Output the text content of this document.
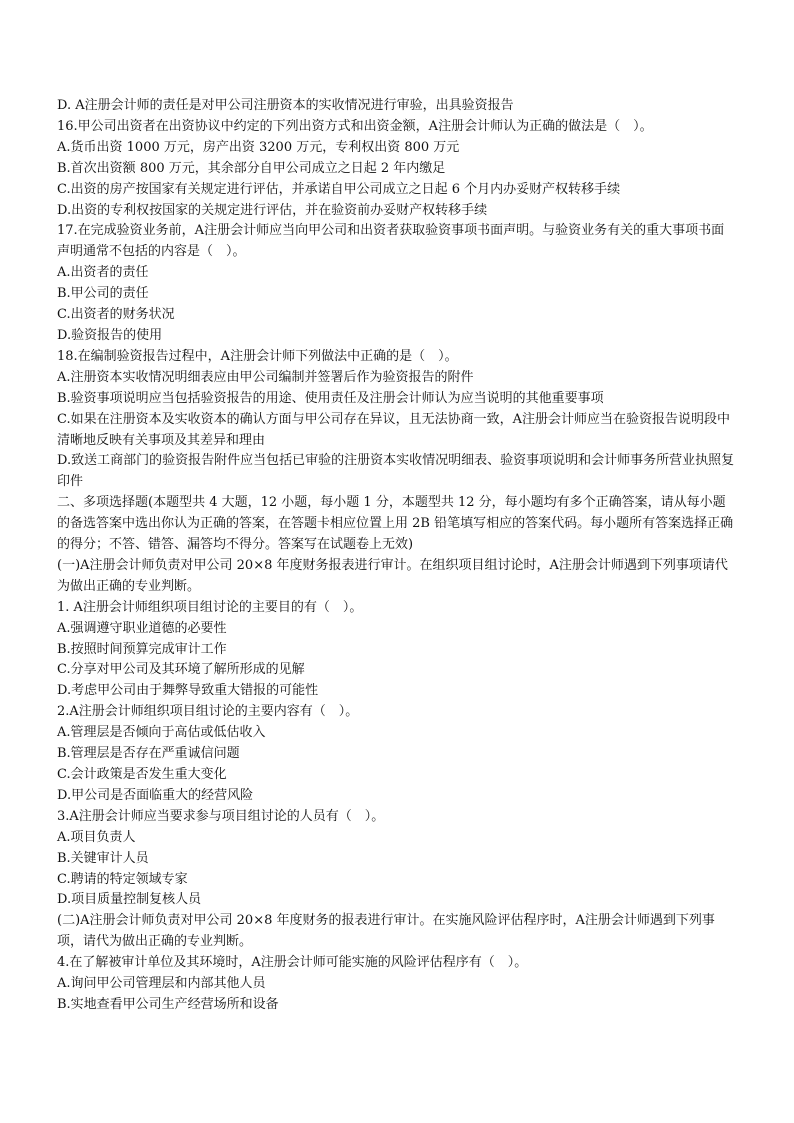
D. A注册会计师的责任是对甲公司注册资本的实收情况进行审验，出具验资报告
16.甲公司出资者在出资协议中约定的下列出资方式和出资金额，A注册会计师认为正确的做法是（　）。
A.货币出资 1000 万元，房产出资 3200 万元，专利权出资 800 万元
B.首次出资额 800 万元，其余部分自甲公司成立之日起 2 年内缴足
C.出资的房产按国家有关规定进行评估，并承诺自甲公司成立之日起 6 个月内办妥财产权转移手续
D.出资的专利权按国家的关规定进行评估，并在验资前办妥财产权转移手续
17.在完成验资业务前，A注册会计师应当向甲公司和出资者获取验资事项书面声明。与验资业务有关的重大事项书面声明通常不包括的内容是（　）。
A.出资者的责任
B.甲公司的责任
C.出资者的财务状况
D.验资报告的使用
18.在编制验资报告过程中，A注册会计师下列做法中正确的是（　）。
A.注册资本实收情况明细表应由甲公司编制并签署后作为验资报告的附件
B.验资事项说明应当包括验资报告的用途、使用责任及注册会计师认为应当说明的其他重要事项
C.如果在注册资本及实收资本的确认方面与甲公司存在异议，且无法协商一致，A注册会计师应当在验资报告说明段中清晰地反映有关事项及其差异和理由
D.致送工商部门的验资报告附件应当包括已审验的注册资本实收情况明细表、验资事项说明和会计师事务所营业执照复印件
二、多项选择题(本题型共 4 大题，12 小题，每小题 1 分，本题型共 12 分，每小题均有多个正确答案，请从每小题的备选答案中选出你认为正确的答案，在答题卡相应位置上用 2B 铅笔填写相应的答案代码。每小题所有答案选择正确的得分；不答、错答、漏答均不得分。答案写在试题卷上无效)
(一)A注册会计师负责对甲公司 20×8 年度财务报表进行审计。在组织项目组讨论时，A注册会计师遇到下列事项请代为做出正确的专业判断。
1. A注册会计师组织项目组讨论的主要目的有（　）。
A.强调遵守职业道德的必要性
B.按照时间预算完成审计工作
C.分享对甲公司及其环境了解所形成的见解
D.考虑甲公司由于舞弊导致重大错报的可能性
2.A注册会计师组织项目组讨论的主要内容有（　）。
A.管理层是否倾向于高估或低估收入
B.管理层是否存在严重诚信问题
C.会计政策是否发生重大变化
D.甲公司是否面临重大的经营风险
3.A注册会计师应当要求参与项目组讨论的人员有（　）。
A.项目负责人
B.关键审计人员
C.聘请的特定领域专家
D.项目质量控制复核人员
(二)A注册会计师负责对甲公司 20×8 年度财务的报表进行审计。在实施风险评估程序时，A注册会计师遇到下列事项，请代为做出正确的专业判断。
4.在了解被审计单位及其环境时，A注册会计师可能实施的风险评估程序有（　）。
A.询问甲公司管理层和内部其他人员
B.实地查看甲公司生产经营场所和设备
